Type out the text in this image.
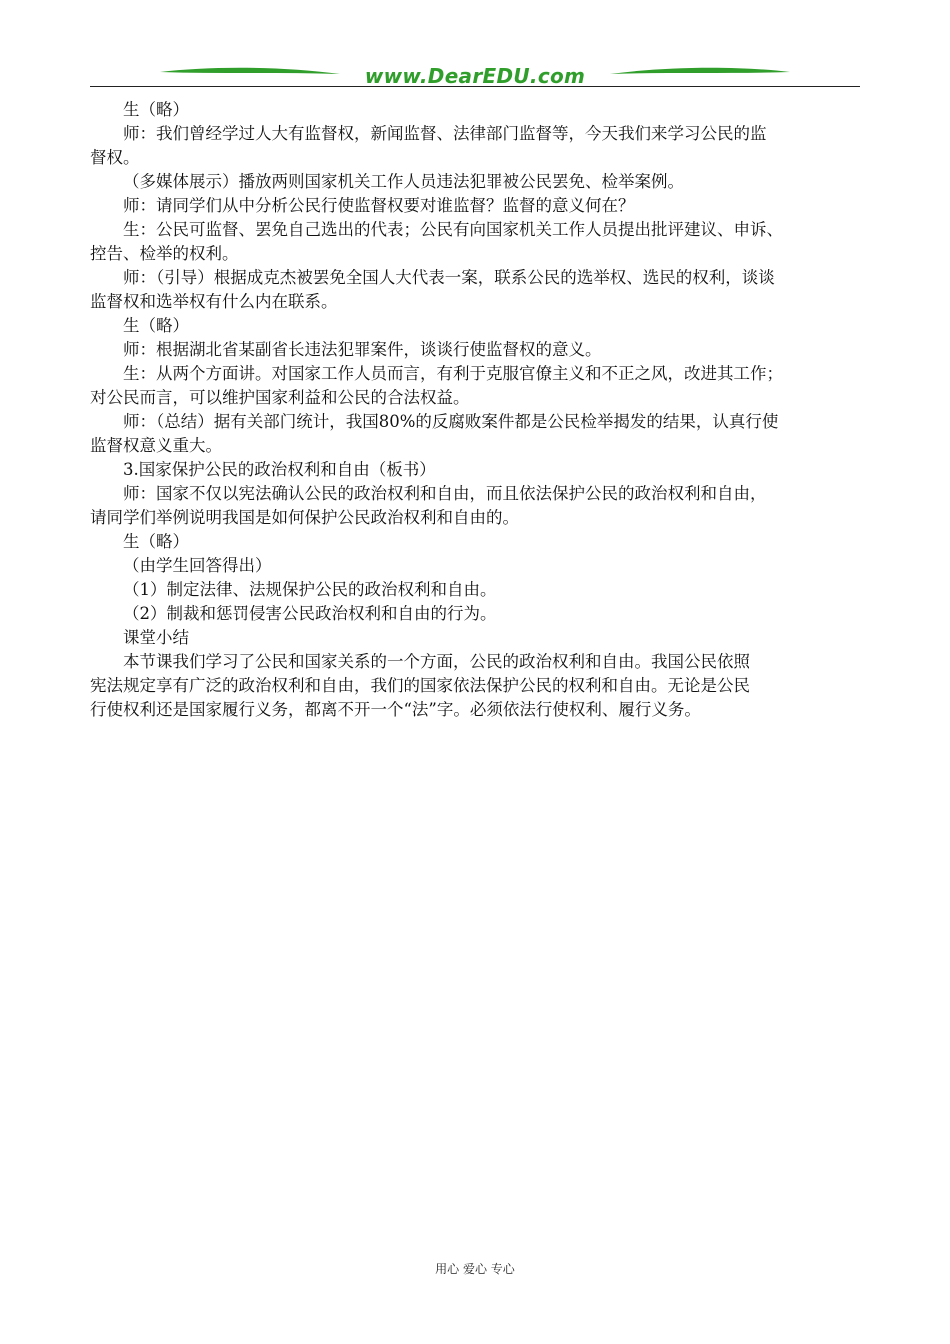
www.DearEDU.com
生（略）
师：我们曾经学过人大有监督权，新闻监督、法律部门监督等，今天我们来学习公民的监
督权。
（多媒体展示）播放两则国家机关工作人员违法犯罪被公民罢免、检举案例。
师：请同学们从中分析公民行使监督权要对谁监督？监督的意义何在？
生：公民可监督、罢免自己选出的代表；公民有向国家机关工作人员提出批评建议、申诉、
控告、检举的权利。
师：（引导）根据成克杰被罢免全国人大代表一案，联系公民的选举权、选民的权利，谈谈
监督权和选举权有什么内在联系。
生（略）
师：根据湖北省某副省长违法犯罪案件，谈谈行使监督权的意义。
生：从两个方面讲。对国家工作人员而言，有利于克服官僚主义和不正之风，改进其工作；
对公民而言，可以维护国家利益和公民的合法权益。
师：（总结）据有关部门统计，我国80%的反腐败案件都是公民检举揭发的结果，认真行使
监督权意义重大。
3.国家保护公民的政治权利和自由（板书）
师：国家不仅以宪法确认公民的政治权利和自由，而且依法保护公民的政治权利和自由，
请同学们举例说明我国是如何保护公民政治权利和自由的。
生（略）
（由学生回答得出）
（1）制定法律、法规保护公民的政治权利和自由。
（2）制裁和惩罚侵害公民政治权利和自由的行为。
课堂小结
本节课我们学习了公民和国家关系的一个方面，公民的政治权利和自由。我国公民依照
宪法规定享有广泛的政治权利和自由，我们的国家依法保护公民的权利和自由。无论是公民
行使权利还是国家履行义务，都离不开一个“法”字。必须依法行使权利、履行义务。
用心 爱心 专心
